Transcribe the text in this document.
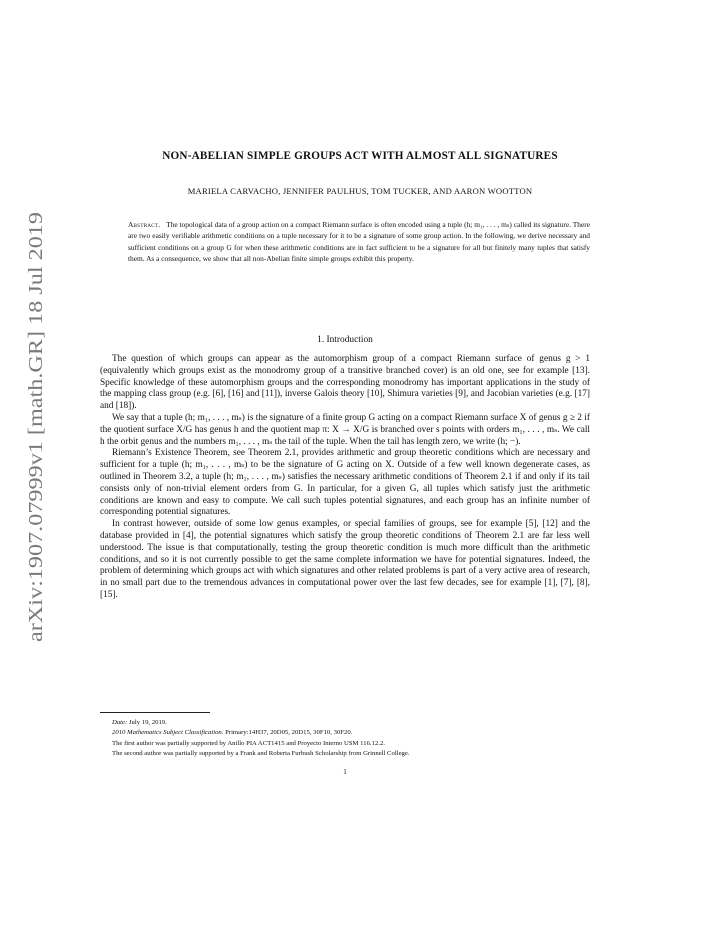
arXiv:1907.07999v1 [math.GR] 18 Jul 2019
NON-ABELIAN SIMPLE GROUPS ACT WITH ALMOST ALL SIGNATURES
MARIELA CARVACHO, JENNIFER PAULHUS, TOM TUCKER, AND AARON WOOTTON
Abstract. The topological data of a group action on a compact Riemann surface is often encoded using a tuple (h; m₁, . . . , mₛ) called its signature. There are two easily verifiable arithmetic conditions on a tuple necessary for it to be a signature of some group action. In the following, we derive necessary and sufficient conditions on a group G for when these arithmetic conditions are in fact sufficient to be a signature for all but finitely many tuples that satisfy them. As a consequence, we show that all non-Abelian finite simple groups exhibit this property.
1. Introduction

The question of which groups can appear as the automorphism group of a compact Riemann surface of genus g > 1 (equivalently which groups exist as the monodromy group of a transitive branched cover) is an old one, see for example [13]. Specific knowledge of these automorphism groups and the corresponding monodromy has important applications in the study of the mapping class group (e.g. [6], [16] and [11]), inverse Galois theory [10], Shimura varieties [9], and Jacobian varieties (e.g. [17] and [18]).

We say that a tuple (h; m₁, . . . , mₛ) is the signature of a finite group G acting on a compact Riemann surface X of genus g ≥ 2 if the quotient surface X/G has genus h and the quotient map π: X → X/G is branched over s points with orders m₁, . . . , mₛ. We call h the orbit genus and the numbers m₁, . . . , mₛ the tail of the tuple. When the tail has length zero, we write (h; −).

Riemann’s Existence Theorem, see Theorem 2.1, provides arithmetic and group theoretic conditions which are necessary and sufficient for a tuple (h; m₁, . . . , mₛ) to be the signature of G acting on X. Outside of a few well known degenerate cases, as outlined in Theorem 3.2, a tuple (h; m₁, . . . , mₛ) satisfies the necessary arithmetic conditions of Theorem 2.1 if and only if its tail consists only of non-trivial element orders from G. In particular, for a given G, all tuples which satisfy just the arithmetic conditions are known and easy to compute. We call such tuples potential signatures, and each group has an infinite number of corresponding potential signatures.

In contrast however, outside of some low genus examples, or special families of groups, see for example [5], [12] and the database provided in [4], the potential signatures which satisfy the group theoretic conditions of Theorem 2.1 are far less well understood. The issue is that computationally, testing the group theoretic condition is much more difficult than the arithmetic conditions, and so it is not currently possible to get the same complete information we have for potential signatures. Indeed, the problem of determining which groups act with which signatures and other related problems is part of a very active area of research, in no small part due to the tremendous advances in computational power over the last few decades, see for example [1], [7], [8], [15].

Date: July 19, 2019.
2010 Mathematics Subject Classification. Primary:14H37, 20D05, 20D15, 30F10, 30F20.
The first author was partially supported by Anillo PIA ACT1415 and Proyecto Interno USM 116.12.2.
The second author was partially supported by a Frank and Roberta Furbush Scholarship from Grinnell College.
1
